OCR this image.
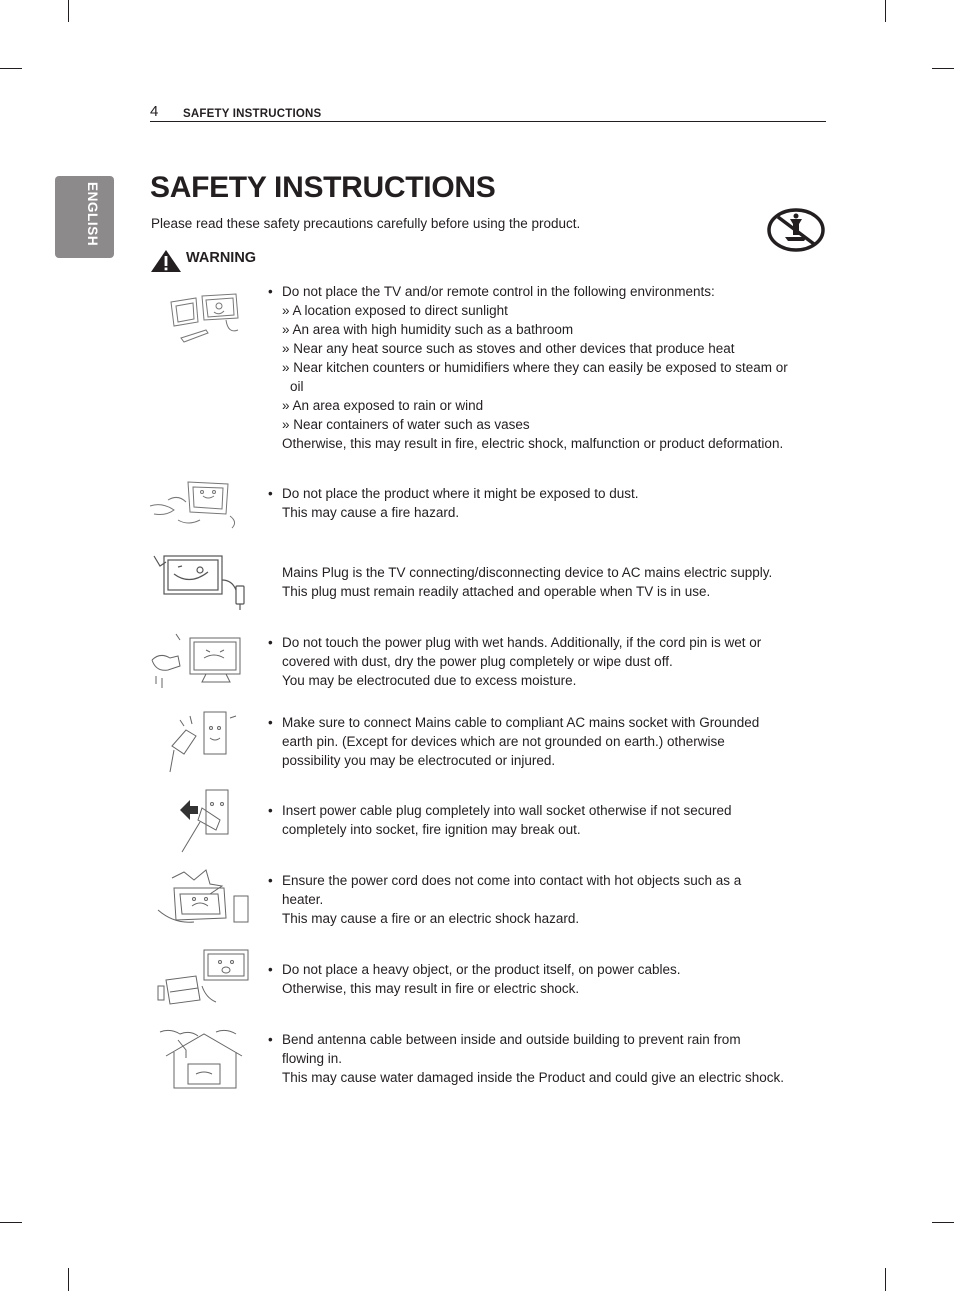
4 SAFETY INSTRUCTIONS
ENGLISH SAFETY INSTRUCTIONS
Please read these safety precautions carefully before using the product.
WARNING
• Do not place the TV and/or remote control in the following environments:
» A location exposed to direct sunlight
» An area with high humidity such as a bathroom
» Near any heat source such as stoves and other devices that produce heat
» Near kitchen counters or humidifiers where they can easily be exposed to steam or
oil
» An area exposed to rain or wind
» Near containers of water such as vases
Otherwise, this may result in fire, electric shock, malfunction or product deformation.
• Do not place the product where it might be exposed to dust.
This may cause a fire hazard.
Mains Plug is the TV connecting/disconnecting device to AC mains electric supply.
This plug must remain readily attached and operable when TV is in use.
• Do not touch the power plug with wet hands. Additionally, if the cord pin is wet or
covered with dust, dry the power plug completely or wipe dust off.
You may be electrocuted due to excess moisture.
• Make sure to connect Mains cable to compliant AC mains socket with Grounded
earth pin. (Except for devices which are not grounded on earth.) otherwise
possibility you may be electrocuted or injured.
• Insert power cable plug completely into wall socket otherwise if not secured
completely into socket, fire ignition may break out.
• Ensure the power cord does not come into contact with hot objects such as a
heater.
This may cause a fire or an electric shock hazard.
• Do not place a heavy object, or the product itself, on power cables.
Otherwise, this may result in fire or electric shock.
• Bend antenna cable between inside and outside building to prevent rain from
flowing in.
This may cause water damaged inside the Product and could give an electric shock.
